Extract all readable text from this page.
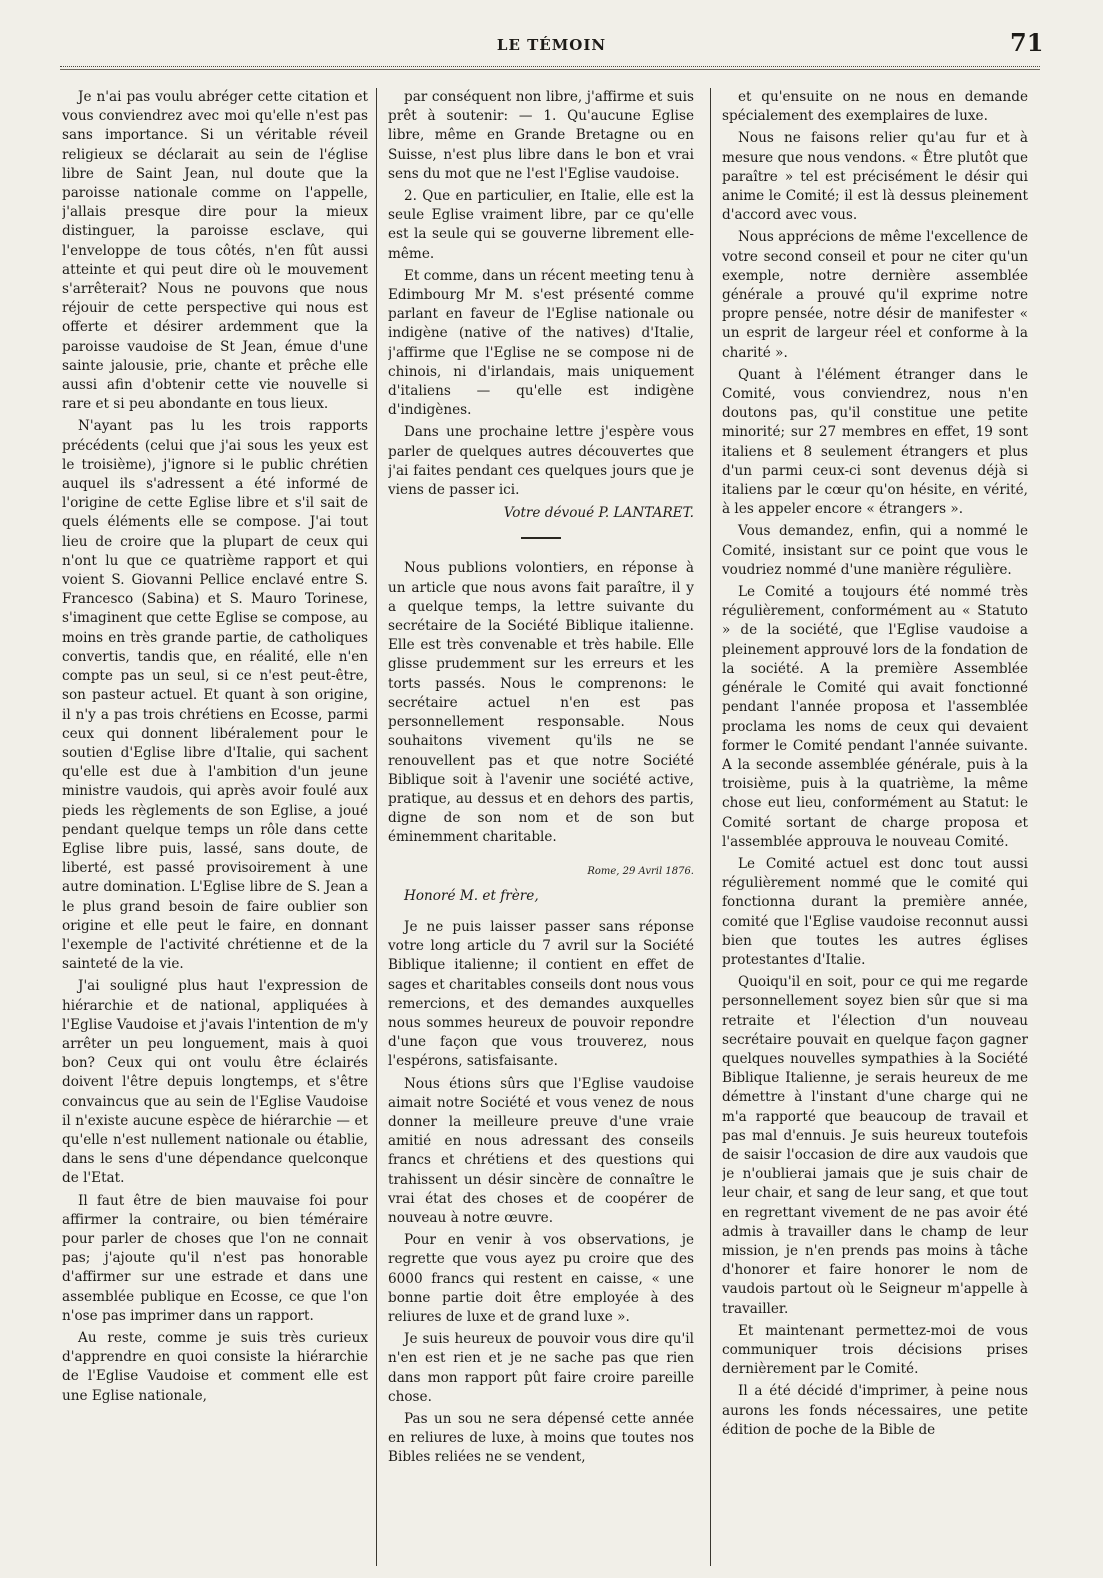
LE TÉMOIN	71

Je n'ai pas voulu abréger cette citation et vous conviendrez avec moi qu'elle n'est pas sans importance. Si un véritable réveil religieux se déclarait au sein de l'église libre de Saint Jean, nul doute que la paroisse nationale comme on l'appelle, j'allais presque dire pour la mieux distinguer, la paroisse esclave, qui l'enveloppe de tous côtés, n'en fût aussi atteinte et qui peut dire où le mouvement s'arrêterait? Nous ne pouvons que nous réjouir de cette perspective qui nous est offerte et désirer ardemment que la paroisse vaudoise de St Jean, émue d'une sainte jalousie, prie, chante et prêche elle aussi afin d'obtenir cette vie nouvelle si rare et si peu abondante en tous lieux.

N'ayant pas lu les trois rapports précédents (celui que j'ai sous les yeux est le troisième), j'ignore si le public chrétien auquel ils s'adressent a été informé de l'origine de cette Eglise libre et s'il sait de quels éléments elle se compose. J'ai tout lieu de croire que la plupart de ceux qui n'ont lu que ce quatrième rapport et qui voient S. Giovanni Pellice enclavé entre S. Francesco (Sabina) et S. Mauro Torinese, s'imaginent que cette Eglise se compose, au moins en très grande partie, de catholiques convertis, tandis que, en réalité, elle n'en compte pas un seul, si ce n'est peut-être, son pasteur actuel. Et quant à son origine, il n'y a pas trois chrétiens en Ecosse, parmi ceux qui donnent libéralement pour le soutien d'Eglise libre d'Italie, qui sachent qu'elle est due à l'ambition d'un jeune ministre vaudois, qui après avoir foulé aux pieds les règlements de son Eglise, a joué pendant quelque temps un rôle dans cette Eglise libre puis, lassé, sans doute, de liberté, est passé provisoirement à une autre domination. L'Eglise libre de S. Jean a le plus grand besoin de faire oublier son origine et elle peut le faire, en donnant l'exemple de l'activité chrétienne et de la sainteté de la vie.

J'ai souligné plus haut l'expression de hiérarchie et de national, appliquées à l'Eglise Vaudoise et j'avais l'intention de m'y arrêter un peu longuement, mais à quoi bon? Ceux qui ont voulu être éclairés doivent l'être depuis longtemps, et s'être convaincus que au sein de l'Eglise Vaudoise il n'existe aucune espèce de hiérarchie — et qu'elle n'est nullement nationale ou établie, dans le sens d'une dépendance quelconque de l'Etat.

Il faut être de bien mauvaise foi pour affirmer la contraire, ou bien téméraire pour parler de choses que l'on ne connait pas; j'ajoute qu'il n'est pas honorable d'affirmer sur une estrade et dans une assemblée publique en Ecosse, ce que l'on n'ose pas imprimer dans un rapport.

Au reste, comme je suis très curieux d'apprendre en quoi consiste la hiérarchie de l'Eglise Vaudoise et comment elle est une Eglise nationale,

par conséquent non libre, j'affirme et suis prêt à soutenir: — 1. Qu'aucune Eglise libre, même en Grande Bretagne ou en Suisse, n'est plus libre dans le bon et vrai sens du mot que ne l'est l'Eglise vaudoise.

2. Que en particulier, en Italie, elle est la seule Eglise vraiment libre, par ce qu'elle est la seule qui se gouverne librement elle-même.

Et comme, dans un récent meeting tenu à Edimbourg Mr M. s'est présenté comme parlant en faveur de l'Eglise nationale ou indigène (native of the natives) d'Italie, j'affirme que l'Eglise ne se compose ni de chinois, ni d'irlandais, mais uniquement d'italiens — qu'elle est indigène d'indigènes.

Dans une prochaine lettre j'espère vous parler de quelques autres découvertes que j'ai faites pendant ces quelques jours que je viens de passer ici.

Votre dévoué P. LANTARET.

Nous publions volontiers, en réponse à un article que nous avons fait paraître, il y a quelque temps, la lettre suivante du secrétaire de la Société Biblique italienne. Elle est très convenable et très habile. Elle glisse prudemment sur les erreurs et les torts passés. Nous le comprenons: le secrétaire actuel n'en est pas personnellement responsable. Nous souhaitons vivement qu'ils ne se renouvellent pas et que notre Société Biblique soit à l'avenir une société active, pratique, au dessus et en dehors des partis, digne de son nom et de son but éminemment charitable.

Rome, 29 Avril 1876.

Honoré M. et frère,

Je ne puis laisser passer sans réponse votre long article du 7 avril sur la Société Biblique italienne; il contient en effet de sages et charitables conseils dont nous vous remercions, et des demandes auxquelles nous sommes heureux de pouvoir repondre d'une façon que vous trouverez, nous l'espérons, satisfaisante.

Nous étions sûrs que l'Eglise vaudoise aimait notre Société et vous venez de nous donner la meilleure preuve d'une vraie amitié en nous adressant des conseils francs et chrétiens et des questions qui trahissent un désir sincère de connaître le vrai état des choses et de coopérer de nouveau à notre œuvre.

Pour en venir à vos observations, je regrette que vous ayez pu croire que des 6000 francs qui restent en caisse, « une bonne partie doit être employée à des reliures de luxe et de grand luxe ».

Je suis heureux de pouvoir vous dire qu'il n'en est rien et je ne sache pas que rien dans mon rapport pût faire croire pareille chose.

Pas un sou ne sera dépensé cette année en reliures de luxe, à moins que toutes nos Bibles reliées ne se vendent,

et qu'ensuite on ne nous en demande spécialement des exemplaires de luxe.

Nous ne faisons relier qu'au fur et à mesure que nous vendons. « Être plutôt que paraître » tel est précisément le désir qui anime le Comité; il est là dessus pleinement d'accord avec vous.

Nous apprécions de même l'excellence de votre second conseil et pour ne citer qu'un exemple, notre dernière assemblée générale a prouvé qu'il exprime notre propre pensée, notre désir de manifester « un esprit de largeur réel et conforme à la charité ».

Quant à l'élément étranger dans le Comité, vous conviendrez, nous n'en doutons pas, qu'il constitue une petite minorité; sur 27 membres en effet, 19 sont italiens et 8 seulement étrangers et plus d'un parmi ceux-ci sont devenus déjà si italiens par le cœur qu'on hésite, en vérité, à les appeler encore « étrangers ».

Vous demandez, enfin, qui a nommé le Comité, insistant sur ce point que vous le voudriez nommé d'une manière régulière.

Le Comité a toujours été nommé très régulièrement, conformément au « Statuto » de la société, que l'Eglise vaudoise a pleinement approuvé lors de la fondation de la société. A la première Assemblée générale le Comité qui avait fonctionné pendant l'année proposa et l'assemblée proclama les noms de ceux qui devaient former le Comité pendant l'année suivante. A la seconde assemblée générale, puis à la troisième, puis à la quatrième, la même chose eut lieu, conformément au Statut: le Comité sortant de charge proposa et l'assemblée approuva le nouveau Comité.

Le Comité actuel est donc tout aussi régulièrement nommé que le comité qui fonctionna durant la première année, comité que l'Eglise vaudoise reconnut aussi bien que toutes les autres églises protestantes d'Italie.

Quoiqu'il en soit, pour ce qui me regarde personnellement soyez bien sûr que si ma retraite et l'élection d'un nouveau secrétaire pouvait en quelque façon gagner quelques nouvelles sympathies à la Société Biblique Italienne, je serais heureux de me démettre à l'instant d'une charge qui ne m'a rapporté que beaucoup de travail et pas mal d'ennuis. Je suis heureux toutefois de saisir l'occasion de dire aux vaudois que je n'oublierai jamais que je suis chair de leur chair, et sang de leur sang, et que tout en regrettant vivement de ne pas avoir été admis à travailler dans le champ de leur mission, je n'en prends pas moins à tâche d'honorer et faire honorer le nom de vaudois partout où le Seigneur m'appelle à travailler.

Et maintenant permettez-moi de vous communiquer trois décisions prises dernièrement par le Comité.

Il a été décidé d'imprimer, à peine nous aurons les fonds nécessaires, une petite édition de poche de la Bible de
